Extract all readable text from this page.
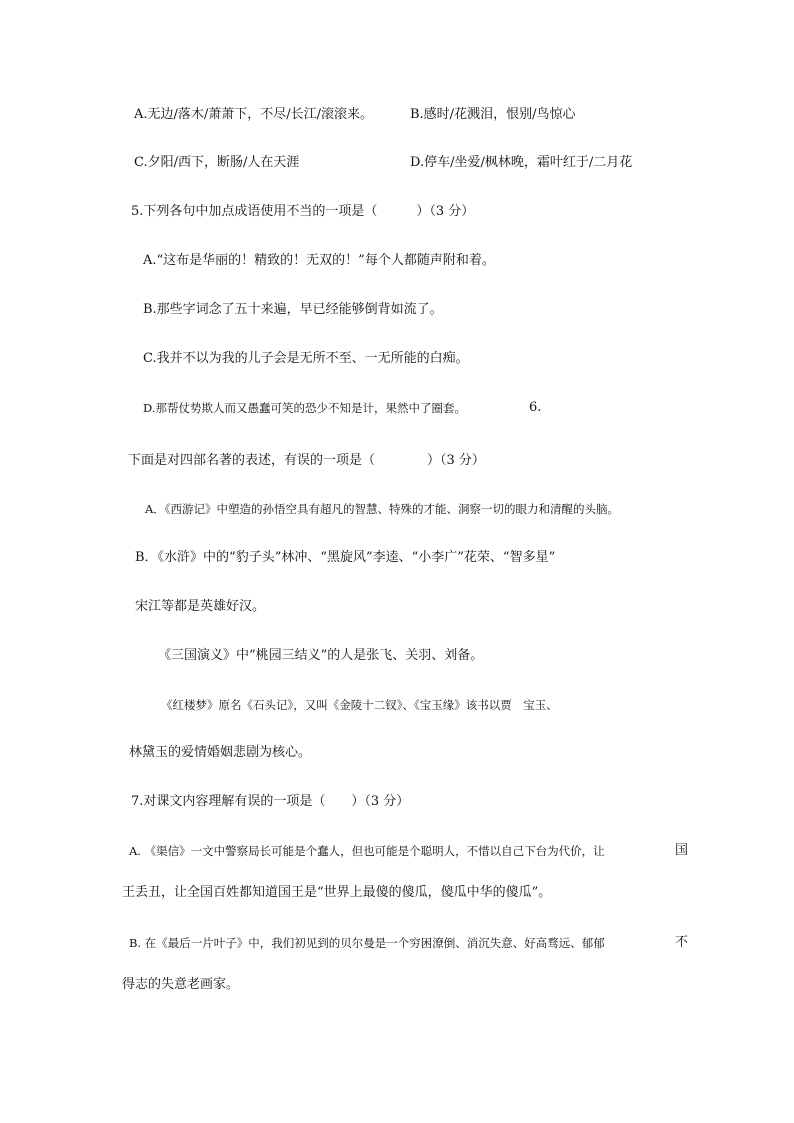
A.无边/落木/萧萧下，不尽/长江/滚滚来。	B.感时/花溅泪，恨别/鸟惊心
C.夕阳/西下，断肠/人在天涯	D.停车/坐爱/枫林晚，霜叶红于/二月花
5.下列各句中加点成语使用不当的一项是（　　　）（3 分）
A.“这布是华丽的！精致的！无双的！”每个人都随声附和着。
B.那些字词念了五十来遍，早已经能够倒背如流了。
C.我并不以为我的儿子会是无所不至、一无所能的白痴。
D.那帮仗势欺人而又愚蠢可笑的恐少不知是计，果然中了圈套。	6.
下面是对四部名著的表述，有误的一项是（　　　　）（3 分）
A．《西游记》中塑造的孙悟空具有超凡的智慧、特殊的才能、洞察一切的眼力和清醒的头脑。
B．《水浒》中的“豹子头”林冲、“黑旋风”李逵、“小李广”花荣、“智多星”
宋江等都是英雄好汉。
《三国演义》中“桃园三结义”的人是张飞、关羽、刘备。
《红楼梦》原名《石头记》，又叫《金陵十二钗》、《宝玉缘》该书以贾　宝玉、
林黛玉的爱情婚姻悲剧为核心。
7.对课文内容理解有误的一项是（　　）（3 分）
A. 《渠信》一文中警察局长可能是个蠢人，但也可能是个聪明人，不惜以自己下台为代价，让	国
王丢丑，让全国百姓都知道国王是“世界上最傻的傻瓜，傻瓜中华的傻瓜”。
B. 在《最后一片叶子》中，我们初见到的贝尔曼是一个穷困潦倒、消沉失意、好高骛远、郁郁	不
得志的失意老画家。
